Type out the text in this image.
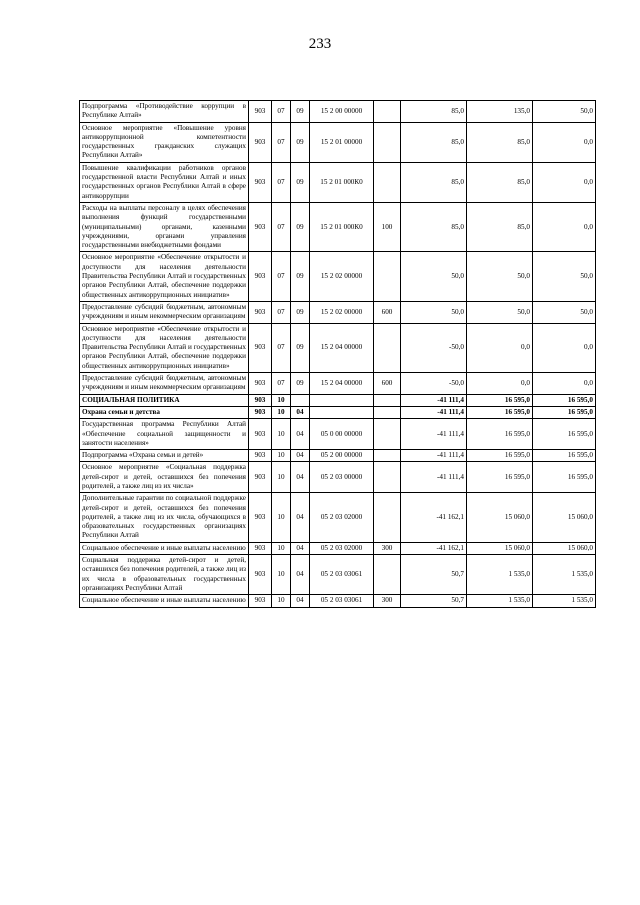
233
Подпрограмма «Противодействие коррупции в Республике Алтай»	903	07	09	15 2 00 00000		85,0	135,0	50,0
Основное мероприятие «Повышение уровня антикоррупционной компетентности государственных гражданских служащих Республики Алтай»	903	07	09	15 2 01 00000		85,0	85,0	0,0
Повышение квалификации работников органов государственной власти Республики Алтай и иных государственных органов Республики Алтай в сфере антикоррупции	903	07	09	15 2 01 000К0		85,0	85,0	0,0
Расходы на выплаты персоналу в целях обеспечения выполнения функций государственными (муниципальными) органами, казенными учреждениями, органами управления государственными внебюджетными фондами	903	07	09	15 2 01 000К0	100	85,0	85,0	0,0
Основное мероприятие «Обеспечение открытости и доступности для населения деятельности Правительства Республики Алтай и государственных органов Республики Алтай, обеспечение поддержки общественных антикоррупционных инициатив»	903	07	09	15 2 02 00000		50,0	50,0	50,0
Предоставление субсидий бюджетным, автономным учреждениям и иным некоммерческим организациям	903	07	09	15 2 02 00000	600	50,0	50,0	50,0
Основное мероприятие «Обеспечение открытости и доступности для населения деятельности Правительства Республики Алтай и государственных органов Республики Алтай, обеспечение поддержки общественных антикоррупционных инициатив»	903	07	09	15 2 04 00000		-50,0	0,0	0,0
Предоставление субсидий бюджетным, автономным учреждениям и иным некоммерческим организациям	903	07	09	15 2 04 00000	600	-50,0	0,0	0,0
СОЦИАЛЬНАЯ ПОЛИТИКА	903	10				-41 111,4	16 595,0	16 595,0
Охрана семьи и детства	903	10	04			-41 111,4	16 595,0	16 595,0
Государственная программа Республики Алтай «Обеспечение социальной защищенности и занятости населения»	903	10	04	05 0 00 00000		-41 111,4	16 595,0	16 595,0
Подпрограмма «Охрана семьи и детей»	903	10	04	05 2 00 00000		-41 111,4	16 595,0	16 595,0
Основное мероприятие «Социальная поддержка детей-сирот и детей, оставшихся без попечения родителей, а также лиц из их числа»	903	10	04	05 2 03 00000		-41 111,4	16 595,0	16 595,0
Дополнительные гарантии по социальной поддержке детей-сирот и детей, оставшихся без попечения родителей, а также лиц из их числа, обучающихся в образовательных государственных организациях Республики Алтай	903	10	04	05 2 03 02000		-41 162,1	15 060,0	15 060,0
Социальное обеспечение и иные выплаты населению	903	10	04	05 2 03 02000	300	-41 162,1	15 060,0	15 060,0
Социальная поддержка детей-сирот и детей, оставшихся без попечения родителей, а также лиц из их числа в образовательных государственных организациях Республики Алтай	903	10	04	05 2 03 03061		50,7	1 535,0	1 535,0
Социальное обеспечение и иные выплаты населению	903	10	04	05 2 03 03061	300	50,7	1 535,0	1 535,0
